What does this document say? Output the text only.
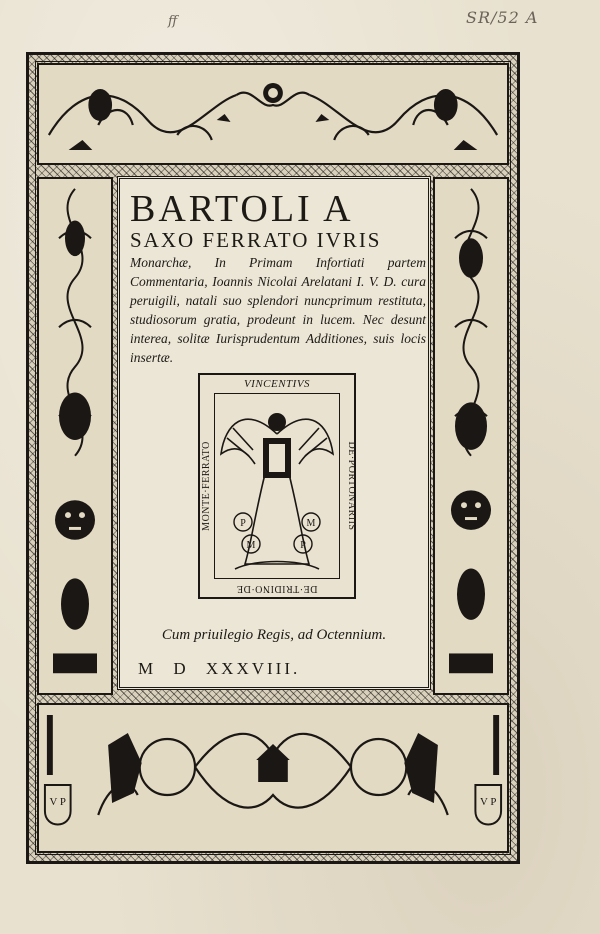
ff	SR/52 A
V P	V P
BARTOLI A
SAXO FERRATO IVRIS
Monarchæ, In Primam Infortiati partem Commentaria, Ioannis Nicolai Arelatani I. V. D. cura peruigili, natali suo splendori nuncprimum restituta, studiosorum gratia, prodeunt in lucem. Nec desunt interea, solitæ Iurisprudentum Additiones, suis locis insertæ.
VINCENTIVS
DE·PORTONARIIS
DE·TRIDINO·DE
MONTE·FERRATO	P	M
M	P
Cum priuilegio Regis, ad Octennium.
M D XXXVIII.
